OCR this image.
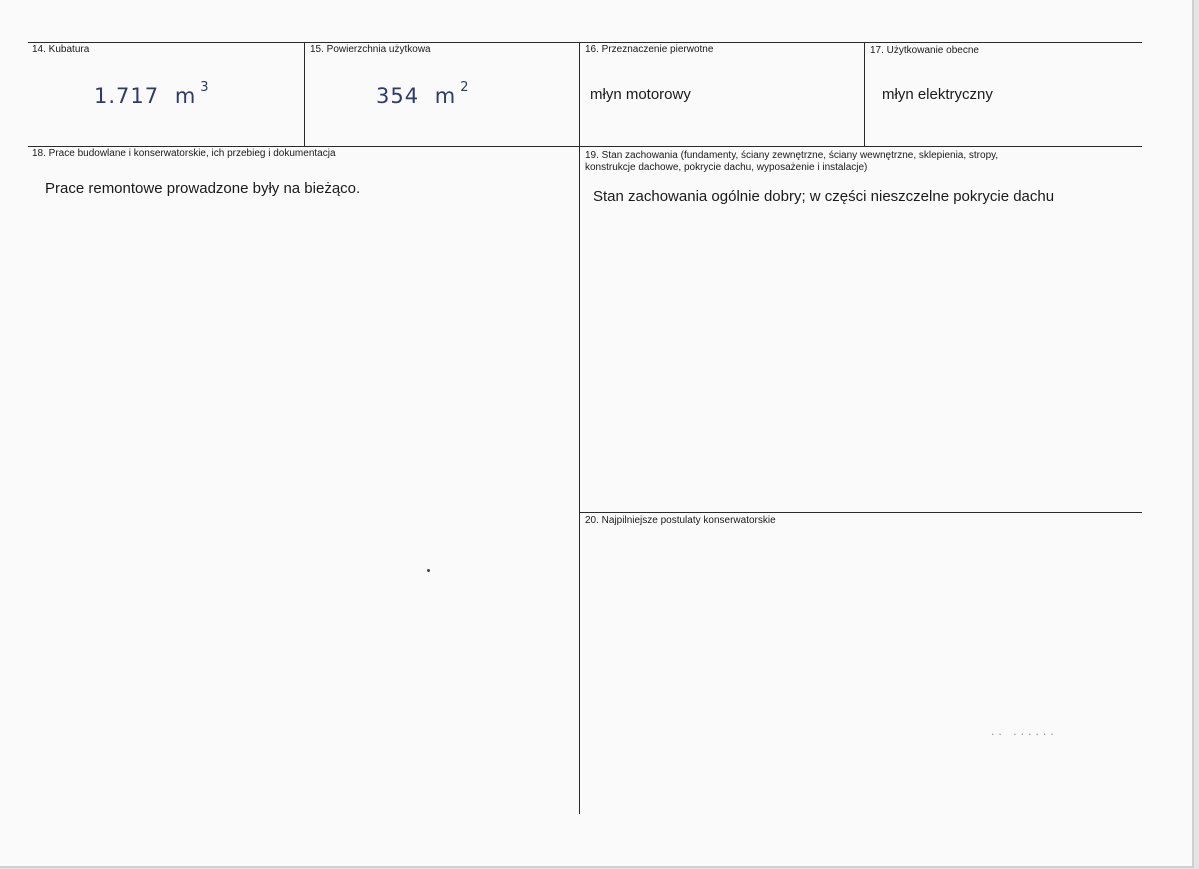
14. Kubatura
1.717 m $^3$
15. Powierzchnia użytkowa
354 m $^2$
16. Przeznaczenie pierwotne
młyn motorowy
17. Użytkowanie obecne
młyn elektryczny
18. Prace budowlane i konserwatorskie, ich przebieg i dokumentacja
Prace remontowe prowadzone były na bieżąco.
19. Stan zachowania (fundamenty, ściany zewnętrzne, ściany wewnętrzne, sklepienia, stropy,
konstrukcje dachowe, pokrycie dachu, wyposażenie i instalacje)
Stan zachowania ogólnie dobry; w części nieszczelne pokrycie dachu
20. Najpilniejsze postulaty konserwatorskie
.. ......
